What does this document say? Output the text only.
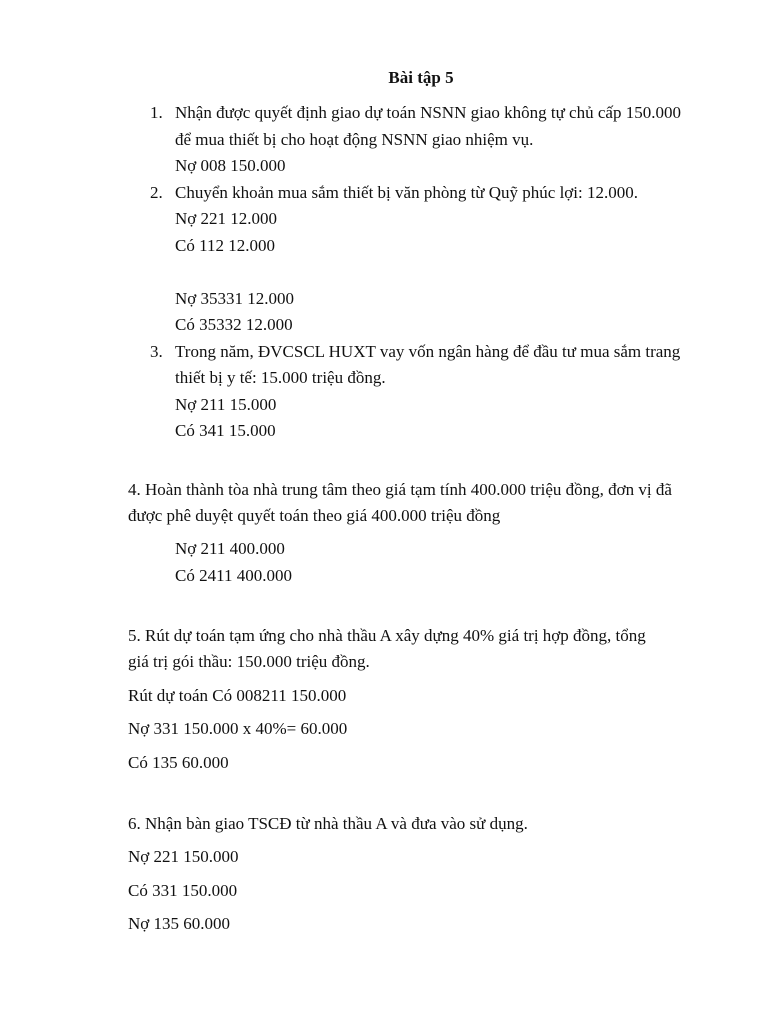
Bài tập 5
1. Nhận được quyết định giao dự toán NSNN giao không tự chủ cấp 150.000
để mua thiết bị cho hoạt động NSNN giao nhiệm vụ.
Nợ 008 150.000
2. Chuyển khoản mua sắm thiết bị văn phòng từ Quỹ phúc lợi: 12.000.
Nợ 221 12.000
Có 112 12.000
Nợ 35331 12.000
Có 35332 12.000
3. Trong năm, ĐVCSCL HUXT vay vốn ngân hàng để đầu tư mua sắm trang
thiết bị y tế: 15.000 triệu đồng.
Nợ 211 15.000
Có 341 15.000
4. Hoàn thành tòa nhà trung tâm theo giá tạm tính 400.000 triệu đồng, đơn vị đã
được phê duyệt quyết toán theo giá 400.000 triệu đồng
Nợ 211 400.000
Có 2411 400.000
5. Rút dự toán tạm ứng cho nhà thầu A xây dựng 40% giá trị hợp đồng, tổng
giá trị gói thầu: 150.000 triệu đồng.
Rút dự toán Có 008211 150.000
Nợ 331 150.000 x 40%= 60.000
Có 135 60.000
6. Nhận bàn giao TSCĐ từ nhà thầu A và đưa vào sử dụng.
Nợ 221 150.000
Có 331 150.000
Nợ 135 60.000
